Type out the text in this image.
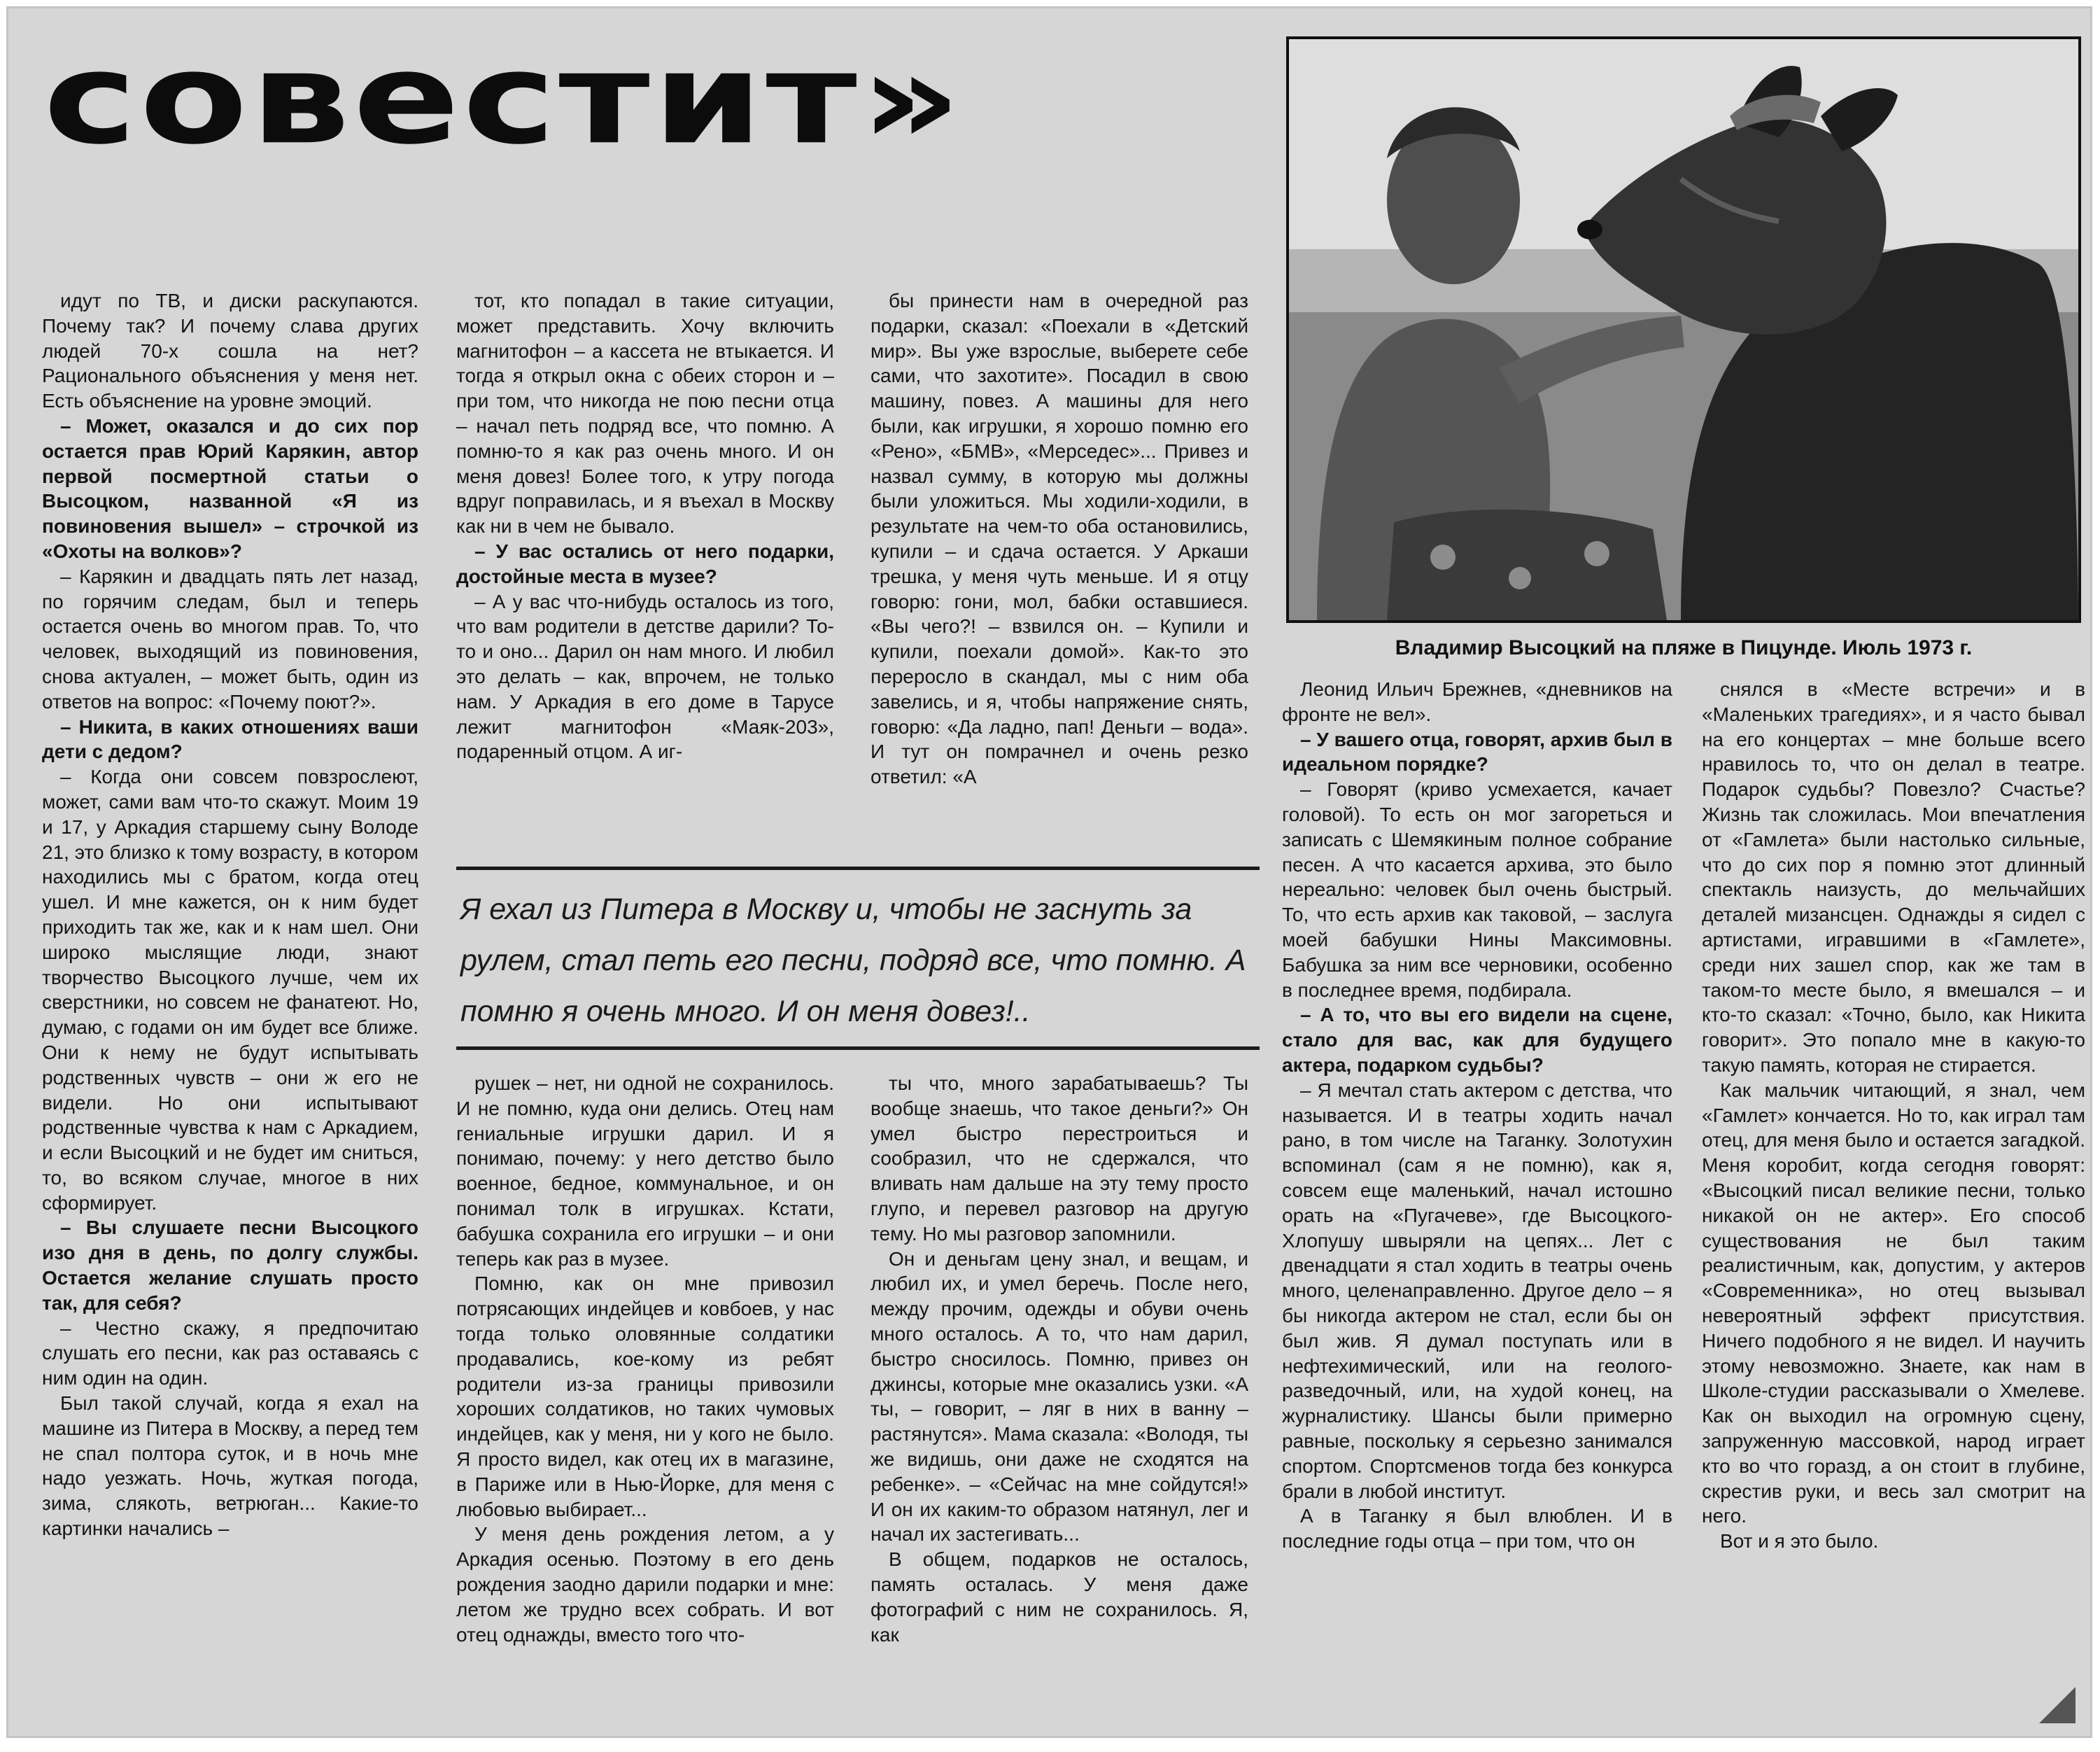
совестит»
Владимир Высоцкий на пляже в Пицунде. Июль 1973 г.

идут по ТВ, и диски раскупаются. Почему так? И почему слава других людей 70-х сошла на нет? Рационального объяснения у меня нет. Есть объяснение на уровне эмоций.

– Может, оказался и до сих пор остается прав Юрий Карякин, автор первой посмертной статьи о Высоцком, названной «Я из повиновения вышел» – строчкой из «Охоты на волков»?

– Карякин и двадцать пять лет назад, по горячим следам, был и теперь остается очень во многом прав. То, что человек, выходящий из повиновения, снова актуален, – может быть, один из ответов на вопрос: «Почему поют?».

– Никита, в каких отношениях ваши дети с дедом?

– Когда они совсем повзрослеют, может, сами вам что-то скажут. Моим 19 и 17, у Аркадия старшему сыну Володе 21, это близко к тому возрасту, в котором находились мы с братом, когда отец ушел. И мне кажется, он к ним будет приходить так же, как и к нам шел. Они широко мыслящие люди, знают творчество Высоцкого лучше, чем их сверстники, но совсем не фанатеют. Но, думаю, с годами он им будет все ближе. Они к нему не будут испытывать родственных чувств – они ж его не видели. Но они испытывают родственные чувства к нам с Аркадием, и если Высоцкий и не будет им сниться, то, во всяком случае, многое в них сформирует.

– Вы слушаете песни Высоцкого изо дня в день, по долгу службы. Остается желание слушать просто так, для себя?

– Честно скажу, я предпочитаю слушать его песни, как раз оставаясь с ним один на один.

Был такой случай, когда я ехал на машине из Питера в Москву, а перед тем не спал полтора суток, и в ночь мне надо уезжать. Ночь, жуткая погода, зима, слякоть, ветрюган... Какие-то картинки начались –

тот, кто попадал в такие ситуации, может представить. Хочу включить магнитофон – а кассета не втыкается. И тогда я открыл окна с обеих сторон и – при том, что никогда не пою песни отца – начал петь подряд все, что помню. А помню-то я как раз очень много. И он меня довез! Более того, к утру погода вдруг поправилась, и я въехал в Москву как ни в чем не бывало.

– У вас остались от него подарки, достойные места в музее?

– А у вас что-нибудь осталось из того, что вам родители в детстве дарили? То-то и оно... Дарил он нам много. И любил это делать – как, впрочем, не только нам. У Аркадия в его доме в Тарусе лежит магнитофон «Маяк-203», подаренный отцом. А иг-

бы принести нам в очередной раз подарки, сказал: «Поехали в «Детский мир». Вы уже взрослые, выберете себе сами, что захотите». Посадил в свою машину, повез. А машины для него были, как игрушки, я хорошо помню его «Рено», «БМВ», «Мерседес»... Привез и назвал сумму, в которую мы должны были уложиться. Мы ходили-ходили, в результате на чем-то оба остановились, купили – и сдача остается. У Аркаши трешка, у меня чуть меньше. И я отцу говорю: гони, мол, бабки оставшиеся. «Вы чего?! – взвился он. – Купили и купили, поехали домой». Как-то это переросло в скандал, мы с ним оба завелись, и я, чтобы напряжение снять, говорю: «Да ладно, пап! Деньги – вода». И тут он помрачнел и очень резко ответил: «А

Я ехал из Питера в Москву и, чтобы не заснуть за рулем, стал петь его песни, подряд все, что помню. А помню я очень много. И он меня довез!..

рушек – нет, ни одной не сохранилось. И не помню, куда они делись. Отец нам гениальные игрушки дарил. И я понимаю, почему: у него детство было военное, бедное, коммунальное, и он понимал толк в игрушках. Кстати, бабушка сохранила его игрушки – и они теперь как раз в музее.

Помню, как он мне привозил потрясающих индейцев и ковбоев, у нас тогда только оловянные солдатики продавались, кое-кому из ребят родители из-за границы привозили хороших солдатиков, но таких чумовых индейцев, как у меня, ни у кого не было. Я просто видел, как отец их в магазине, в Париже или в Нью-Йорке, для меня с любовью выбирает...

У меня день рождения летом, а у Аркадия осенью. Поэтому в его день рождения заодно дарили подарки и мне: летом же трудно всех собрать. И вот отец однажды, вместо того что-

ты что, много зарабатываешь? Ты вообще знаешь, что такое деньги?» Он умел быстро перестроиться и сообразил, что не сдержался, что вливать нам дальше на эту тему просто глупо, и перевел разговор на другую тему. Но мы разговор запомнили.

Он и деньгам цену знал, и вещам, и любил их, и умел беречь. После него, между прочим, одежды и обуви очень много осталось. А то, что нам дарил, быстро сносилось. Помню, привез он джинсы, которые мне оказались узки. «А ты, – говорит, – ляг в них в ванну – растянутся». Мама сказала: «Володя, ты же видишь, они даже не сходятся на ребенке». – «Сейчас на мне сойдутся!» И он их каким-то образом натянул, лег и начал их застегивать...

В общем, подарков не осталось, память осталась. У меня даже фотографий с ним не сохранилось. Я, как

Леонид Ильич Брежнев, «дневников на фронте не вел».

– У вашего отца, говорят, архив был в идеальном порядке?

– Говорят (криво усмехается, качает головой). То есть он мог загореться и записать с Шемякиным полное собрание песен. А что касается архива, это было нереально: человек был очень быстрый. То, что есть архив как таковой, – заслуга моей бабушки Нины Максимовны. Бабушка за ним все черновики, особенно в последнее время, подбирала.

– А то, что вы его видели на сцене, стало для вас, как для будущего актера, подарком судьбы?

– Я мечтал стать актером с детства, что называется. И в театры ходить начал рано, в том числе на Таганку. Золотухин вспоминал (сам я не помню), как я, совсем еще маленький, начал истошно орать на «Пугачеве», где Высоцкого-Хлопушу швыряли на цепях... Лет с двенадцати я стал ходить в театры очень много, целенаправленно. Другое дело – я бы никогда актером не стал, если бы он был жив. Я думал поступать или в нефтехимический, или на геолого-разведочный, или, на худой конец, на журналистику. Шансы были примерно равные, поскольку я серьезно занимался спортом. Спортсменов тогда без конкурса брали в любой институт.

А в Таганку я был влюблен. И в последние годы отца – при том, что он

снялся в «Месте встречи» и в «Маленьких трагедиях», и я часто бывал на его концертах – мне больше всего нравилось то, что он делал в театре. Подарок судьбы? Повезло? Счастье? Жизнь так сложилась. Мои впечатления от «Гамлета» были настолько сильные, что до сих пор я помню этот длинный спектакль наизусть, до мельчайших деталей мизансцен. Однажды я сидел с артистами, игравшими в «Гамлете», среди них зашел спор, как же там в таком-то месте было, я вмешался – и кто-то сказал: «Точно, было, как Никита говорит». Это попало мне в какую-то такую память, которая не стирается.

Как мальчик читающий, я знал, чем «Гамлет» кончается. Но то, как играл там отец, для меня было и остается загадкой. Меня коробит, когда сегодня говорят: «Высоцкий писал великие песни, только никакой он не актер». Его способ существования не был таким реалистичным, как, допустим, у актеров «Современника», но отец вызывал невероятный эффект присутствия. Ничего подобного я не видел. И научить этому невозможно. Знаете, как нам в Школе-студии рассказывали о Хмелеве. Как он выходил на огромную сцену, запруженную массовкой, народ играет кто во что горазд, а он стоит в глубине, скрестив руки, и весь зал смотрит на него.

Вот и я это было.
